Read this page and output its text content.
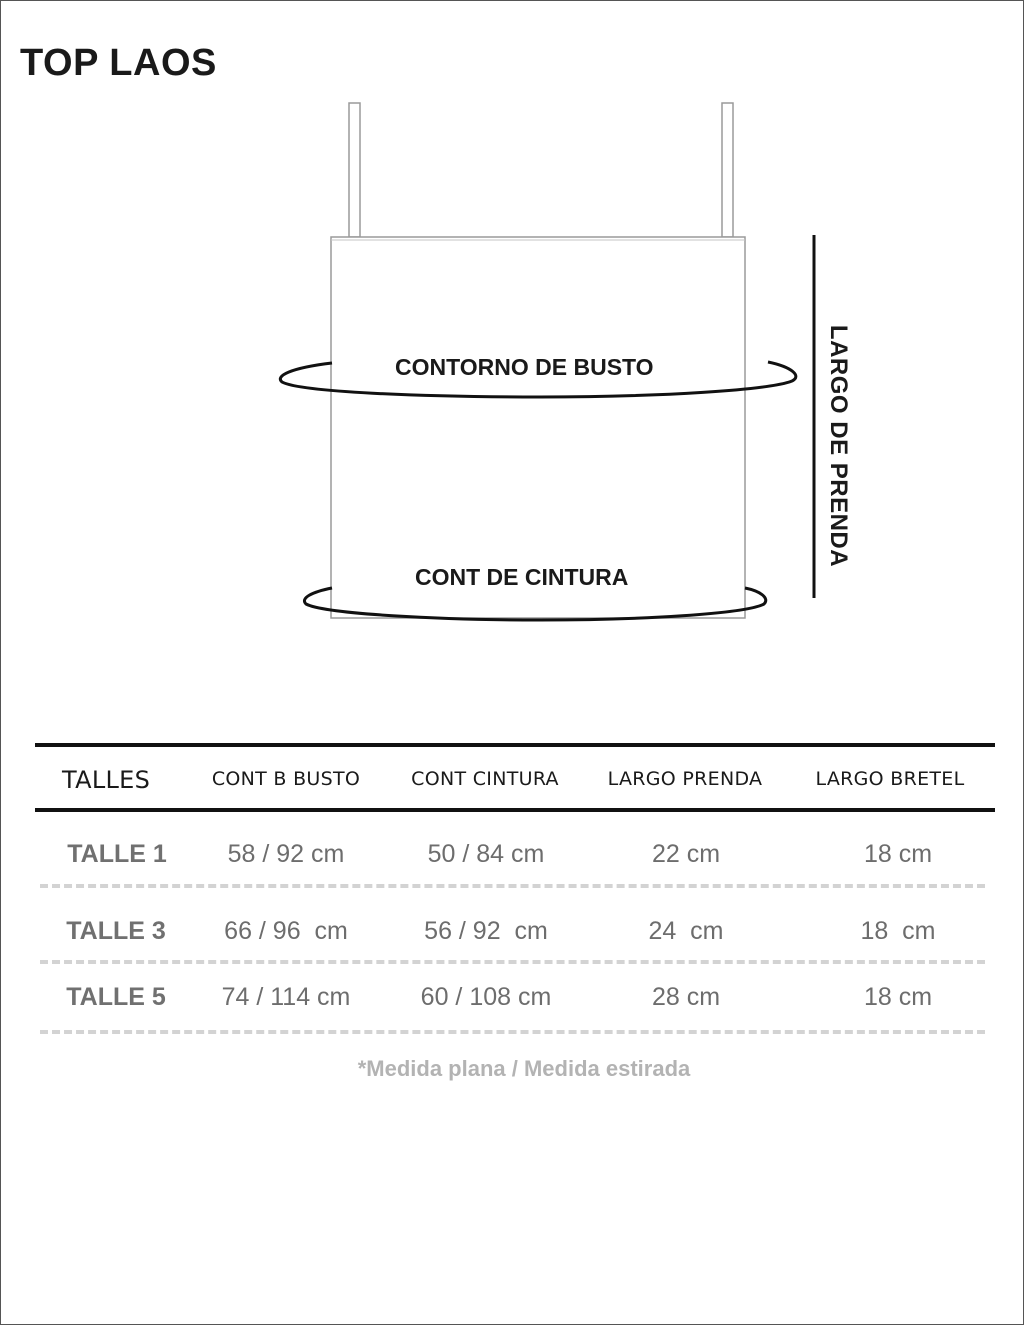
TOP LAOS
CONTORNO DE BUSTO
CONT DE CINTURA
LARGO DE PRENDA
TALLES	CONT B BUSTO	CONT CINTURA	LARGO PRENDA	LARGO BRETEL
TALLE 1 58 / 92 cm	50 / 84 cm	22 cm	18 cm
TALLE 3 66 / 96  cm	56 / 92  cm	24  cm	18  cm
TALLE 5 74 / 114 cm	60 / 108 cm	28 cm	18 cm
*Medida plana / Medida estirada
